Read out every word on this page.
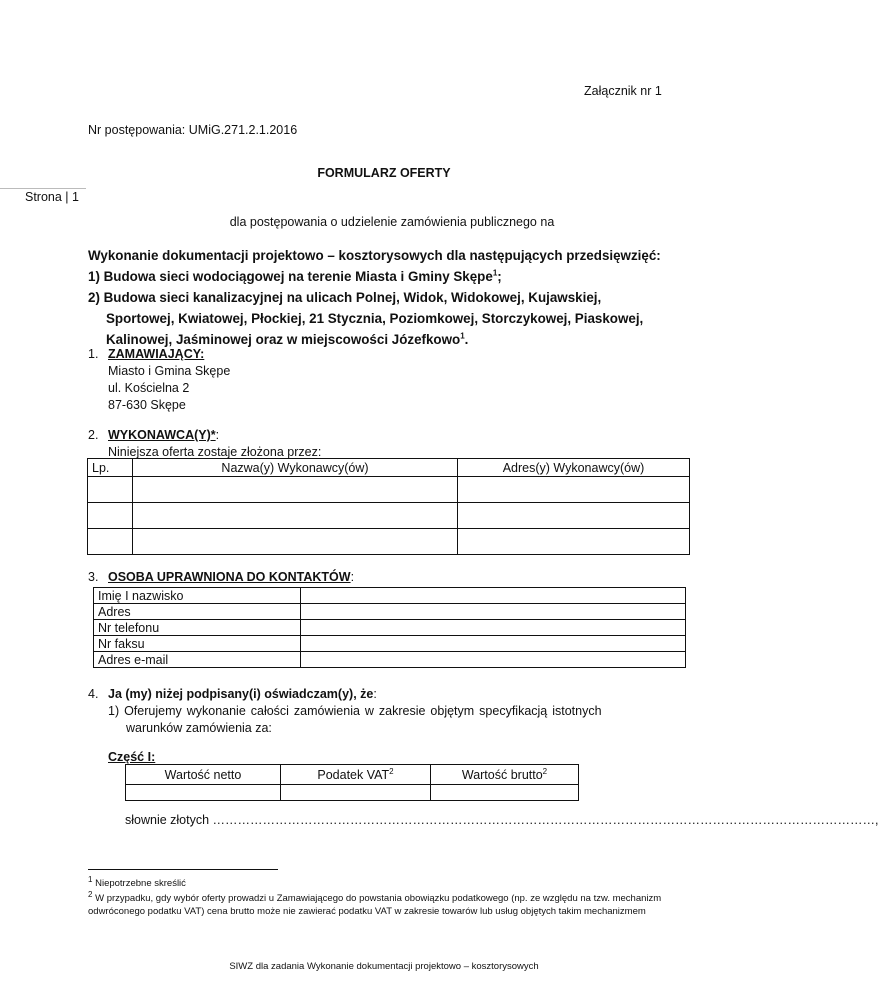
Załącznik nr 1
Nr postępowania: UMiG.271.2.1.2016
Strona | 1
FORMULARZ OFERTY
dla postępowania o udzielenie zamówienia publicznego na
Wykonanie dokumentacji projektowo – kosztorysowych dla następujących przedsięwzięć:
1) Budowa sieci wodociągowej na terenie Miasta i Gminy Skępe$^1$;
2) Budowa sieci kanalizacyjnej na ulicach Polnej, Widok, Widokowej, Kujawskiej,
Sportowej, Kwiatowej, Płockiej, 21 Stycznia, Poziomkowej, Storczykowej, Piaskowej,
Kalinowej, Jaśminowej oraz w miejscowości Józefkowo$^1$.
1. ZAMAWIAJĄCY:
Miasto i Gmina Skępe
ul. Kościelna 2
87-630 Skępe
2. WYKONAWCA(Y)*:
Niniejsza oferta zostaje złożona przez:
Lp.	Nazwa(y) Wykonawcy(ów)	Adres(y) Wykonawcy(ów)

3. OSOBA UPRAWNIONA DO KONTAKTÓW:
Imię I nazwisko	
Adres	
Nr telefonu	
Nr faksu	
Adres e-mail	
4. Ja (my) niżej podpisany(i) oświadczam(y), że:
1) Oferujemy wykonanie całości zamówienia w zakresie objętym specyfikacją istotnych
warunków zamówienia za:
Część I:
Wartość netto	Podatek VAT$^2$	Wartość brutto$^2$

słownie złotych ……………………………………………………………………………………………………………………………………………,
$^1$ Niepotrzebne skreślić
$^2$ W przypadku, gdy wybór oferty prowadzi u Zamawiającego do powstania obowiązku podatkowego (np. ze względu na tzw. mechanizm odwróconego podatku VAT) cena brutto może nie zawierać podatku VAT w zakresie towarów lub usług objętych takim mechanizmem
SIWZ dla zadania Wykonanie dokumentacji projektowo – kosztorysowych
